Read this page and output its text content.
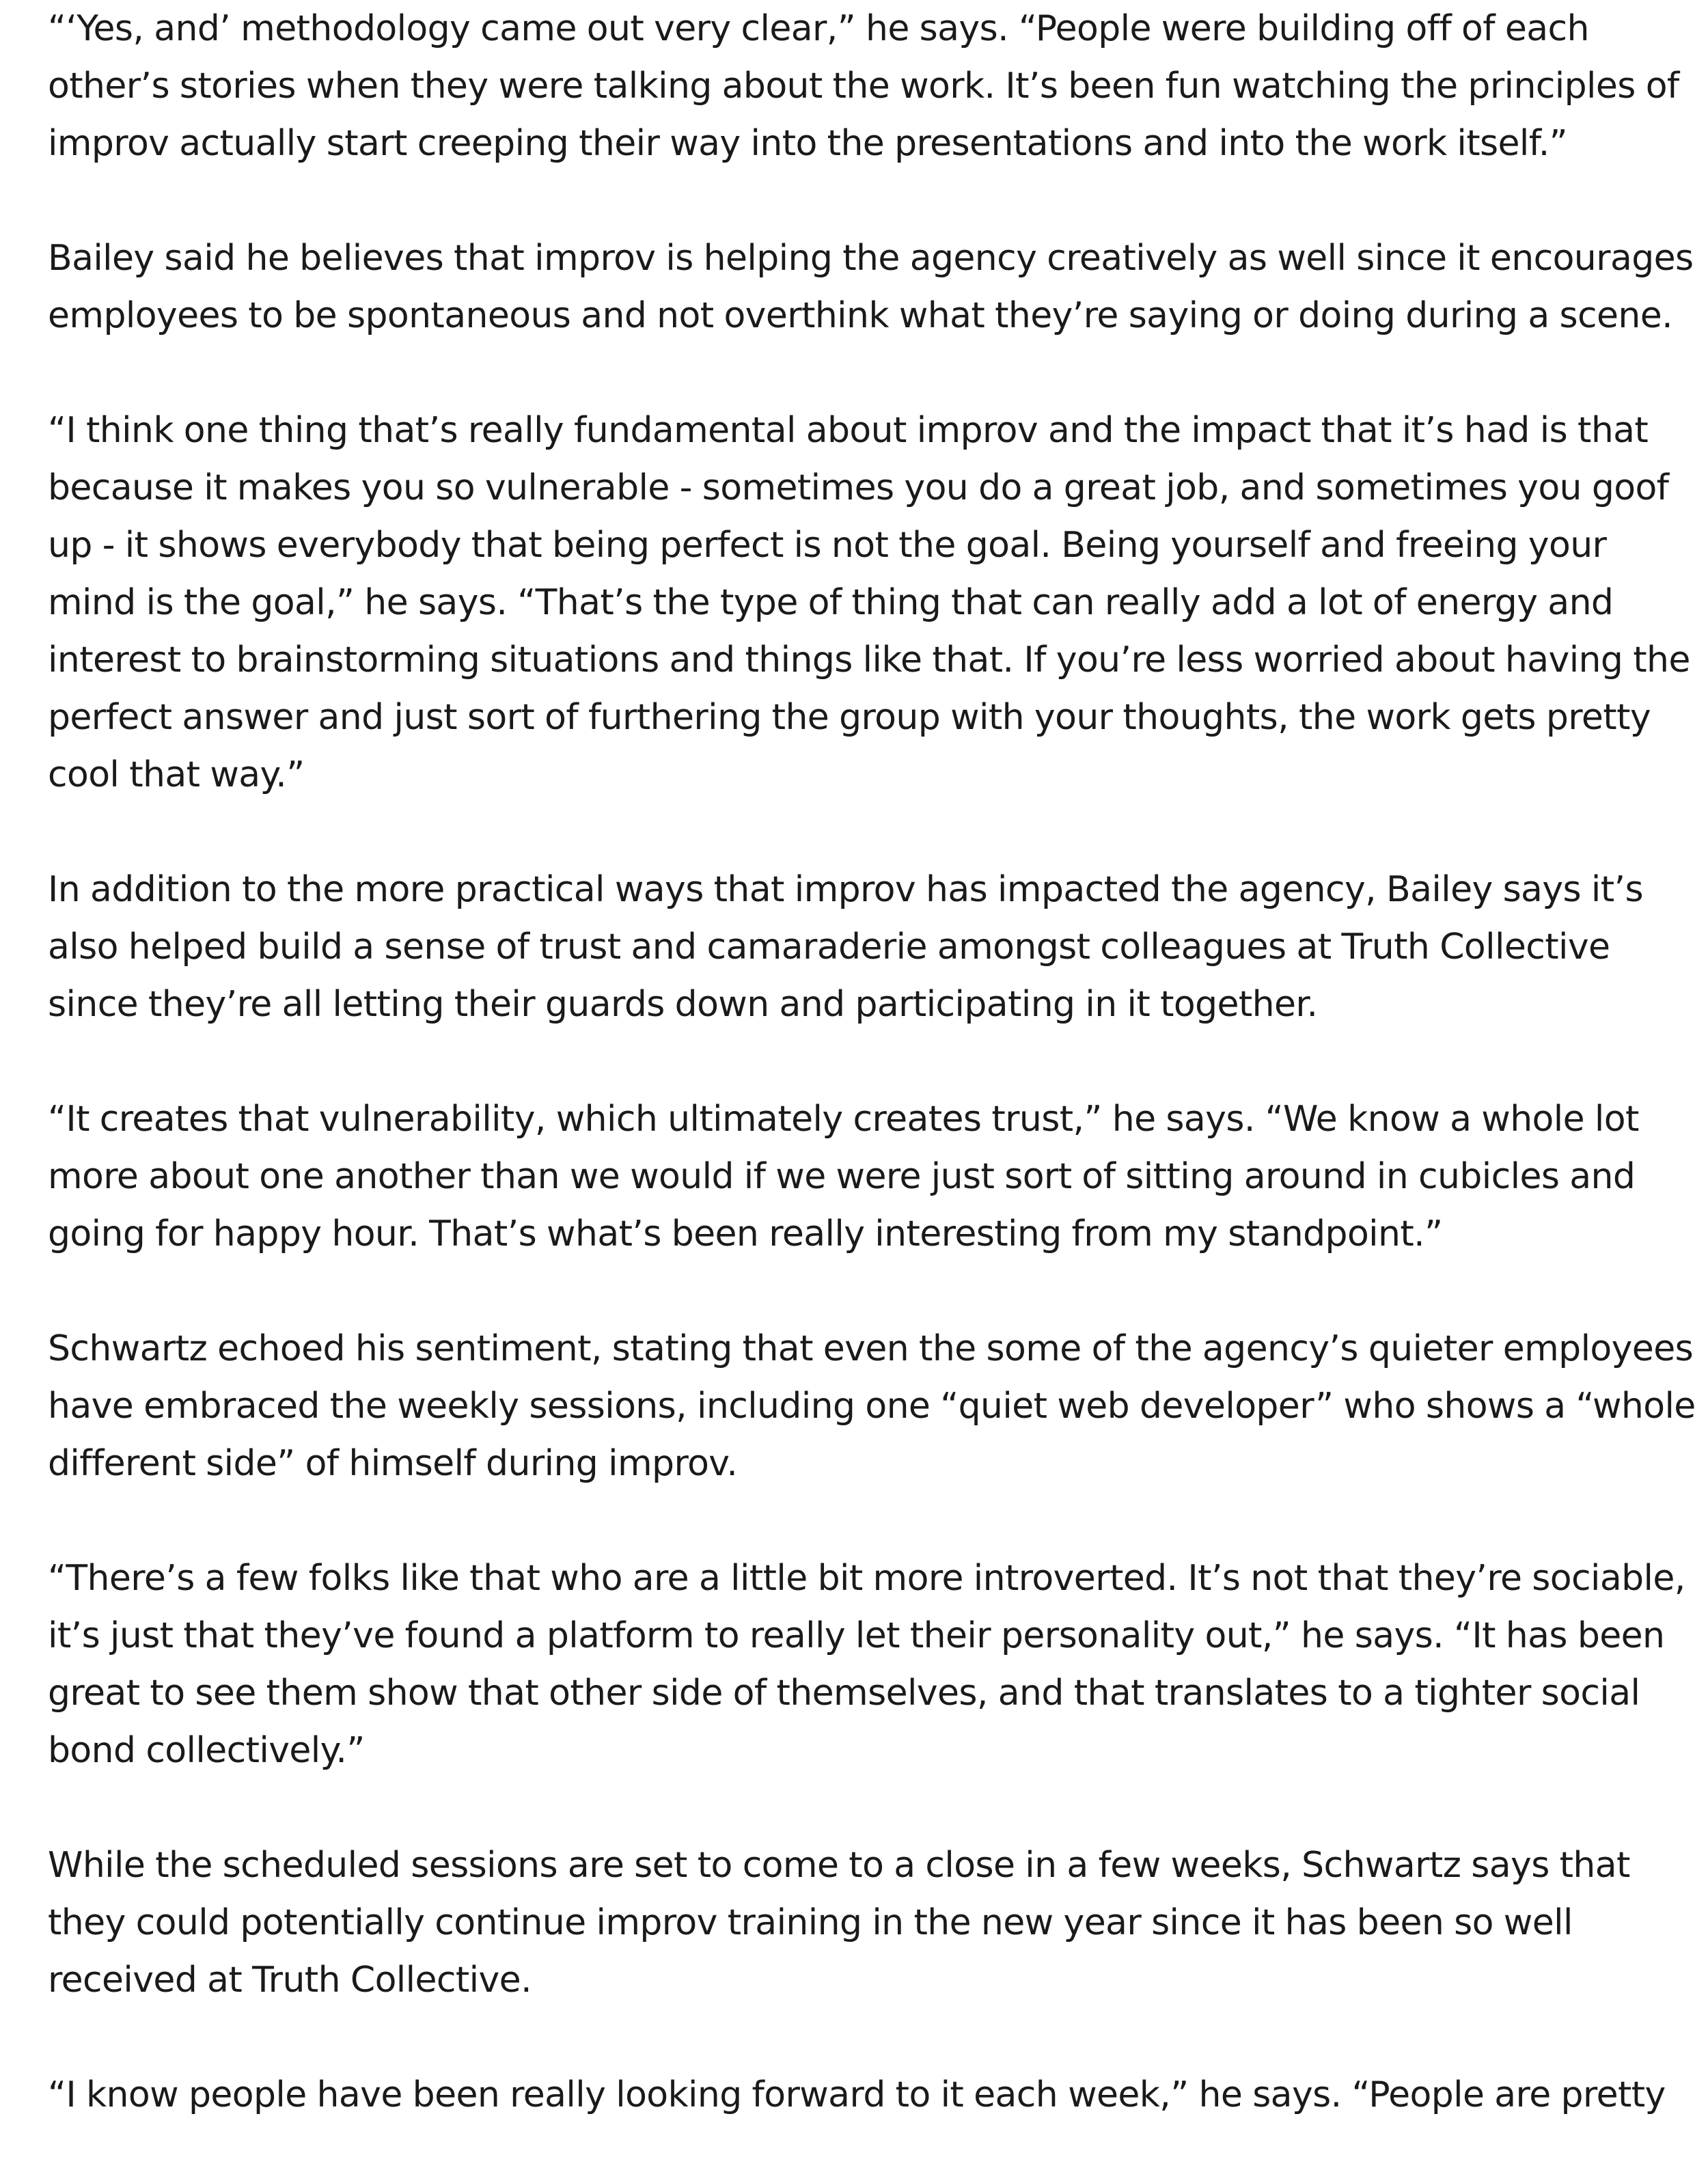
“‘Yes, and’ methodology came out very clear,” he says. “People were building off of each other’s stories when they were talking about the work. It’s been fun watching the principles of improv actually start creeping their way into the presentations and into the work itself.”

Bailey said he believes that improv is helping the agency creatively as well since it encourages employees to be spontaneous and not overthink what they’re saying or doing during a scene.

“I think one thing that’s really fundamental about improv and the impact that it’s had is that because it makes you so vulnerable - sometimes you do a great job, and sometimes you goof up - it shows everybody that being perfect is not the goal. Being yourself and freeing your mind is the goal,” he says. “That’s the type of thing that can really add a lot of energy and interest to brainstorming situations and things like that. If you’re less worried about having the perfect answer and just sort of furthering the group with your thoughts, the work gets pretty cool that way.”

In addition to the more practical ways that improv has impacted the agency, Bailey says it’s also helped build a sense of trust and camaraderie amongst colleagues at Truth Collective since they’re all letting their guards down and participating in it together.

“It creates that vulnerability, which ultimately creates trust,” he says. “We know a whole lot more about one another than we would if we were just sort of sitting around in cubicles and going for happy hour. That’s what’s been really interesting from my standpoint.”

Schwartz echoed his sentiment, stating that even the some of the agency’s quieter employees have embraced the weekly sessions, including one “quiet web developer” who shows a “whole different side” of himself during improv.

“There’s a few folks like that who are a little bit more introverted. It’s not that they’re sociable, it’s just that they’ve found a platform to really let their personality out,” he says. “It has been great to see them show that other side of themselves, and that translates to a tighter social bond collectively.”

While the scheduled sessions are set to come to a close in a few weeks, Schwartz says that they could potentially continue improv training in the new year since it has been so well received at Truth Collective.

“I know people have been really looking forward to it each week,” he says. “People are pretty
